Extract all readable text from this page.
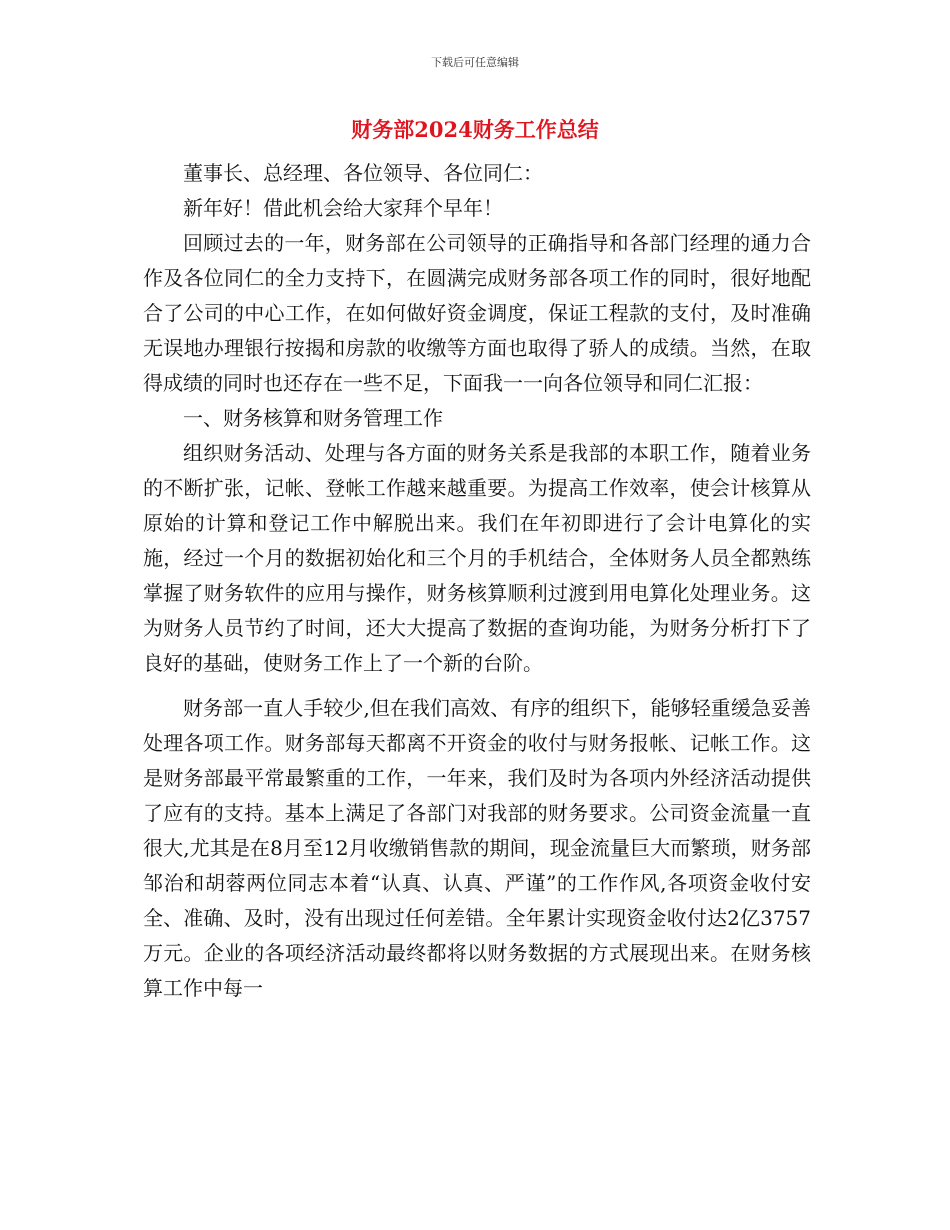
下载后可任意编辑
财务部2024财务工作总结

董事长、总经理、各位领导、各位同仁：

新年好！借此机会给大家拜个早年！

回顾过去的一年，财务部在公司领导的正确指导和各部门经理的通力合作及各位同仁的全力支持下，在圆满完成财务部各项工作的同时，很好地配合了公司的中心工作，在如何做好资金调度，保证工程款的支付，及时准确无误地办理银行按揭和房款的收缴等方面也取得了骄人的成绩。当然，在取得成绩的同时也还存在一些不足，下面我一一向各位领导和同仁汇报：

一、财务核算和财务管理工作

组织财务活动、处理与各方面的财务关系是我部的本职工作，随着业务的不断扩张，记帐、登帐工作越来越重要。为提高工作效率，使会计核算从原始的计算和登记工作中解脱出来。我们在年初即进行了会计电算化的实施，经过一个月的数据初始化和三个月的手机结合，全体财务人员全都熟练掌握了财务软件的应用与操作，财务核算顺利过渡到用电算化处理业务。这为财务人员节约了时间，还大大提高了数据的查询功能，为财务分析打下了良好的基础，使财务工作上了一个新的台阶。

财务部一直人手较少,但在我们高效、有序的组织下，能够轻重缓急妥善处理各项工作。财务部每天都离不开资金的收付与财务报帐、记帐工作。这是财务部最平常最繁重的工作，一年来，我们及时为各项内外经济活动提供了应有的支持。基本上满足了各部门对我部的财务要求。公司资金流量一直很大,尤其是在8月至12月收缴销售款的期间，现金流量巨大而繁琐，财务部邹治和胡蓉两位同志本着“认真、认真、严谨”的工作作风,各项资金收付安全、准确、及时，没有出现过任何差错。全年累计实现资金收付达2亿3757万元。企业的各项经济活动最终都将以财务数据的方式展现出来。在财务核算工作中每一
